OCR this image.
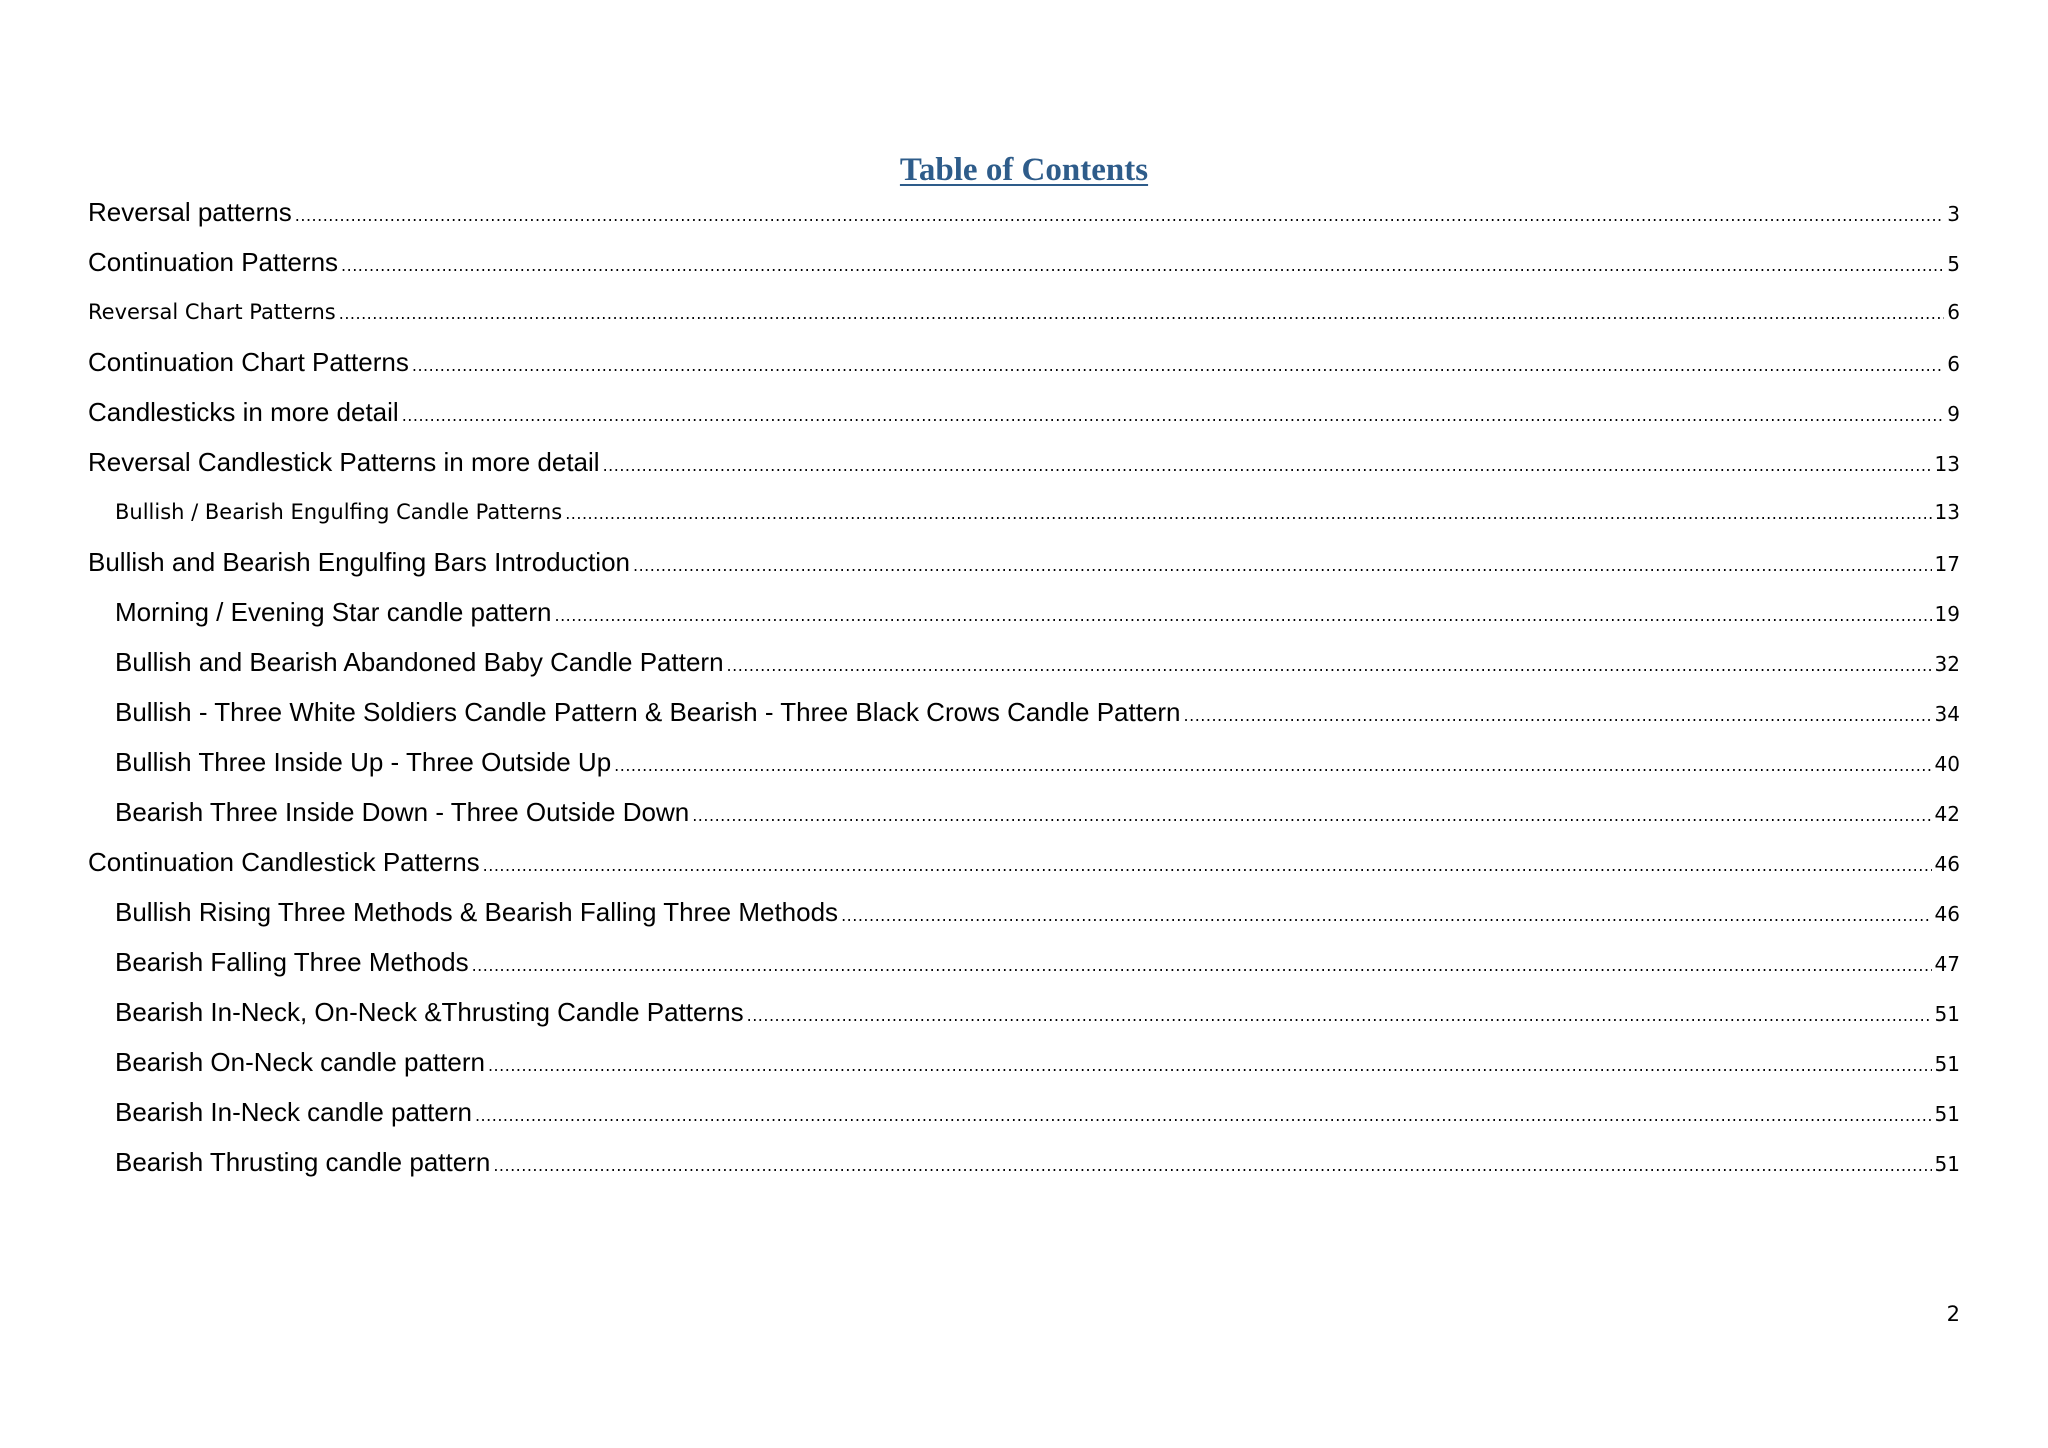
Table of Contents
Reversal patterns .....	3
Continuation Patterns .....	5
Reversal Chart Patterns .....	6
Continuation Chart Patterns .....	6
Candlesticks in more detail .....	9
Reversal Candlestick Patterns in more detail .....	13
Bullish / Bearish Engulfing Candle Patterns .....	13
Bullish and Bearish Engulfing Bars Introduction .....	17
Morning / Evening Star candle pattern .....	19
Bullish and Bearish Abandoned Baby Candle Pattern .....	32
Bullish - Three White Soldiers Candle Pattern & Bearish - Three Black Crows Candle Pattern .....	34
Bullish Three Inside Up - Three Outside Up .....	40
Bearish Three Inside Down - Three Outside Down .....	42
Continuation Candlestick Patterns .....	46
Bullish Rising Three Methods & Bearish Falling Three Methods .....	46
Bearish Falling Three Methods .....	47
Bearish In-Neck, On-Neck &Thrusting Candle Patterns .....	51
Bearish On-Neck candle pattern .....	51
Bearish In-Neck candle pattern .....	51
Bearish Thrusting candle pattern .....	51
2
